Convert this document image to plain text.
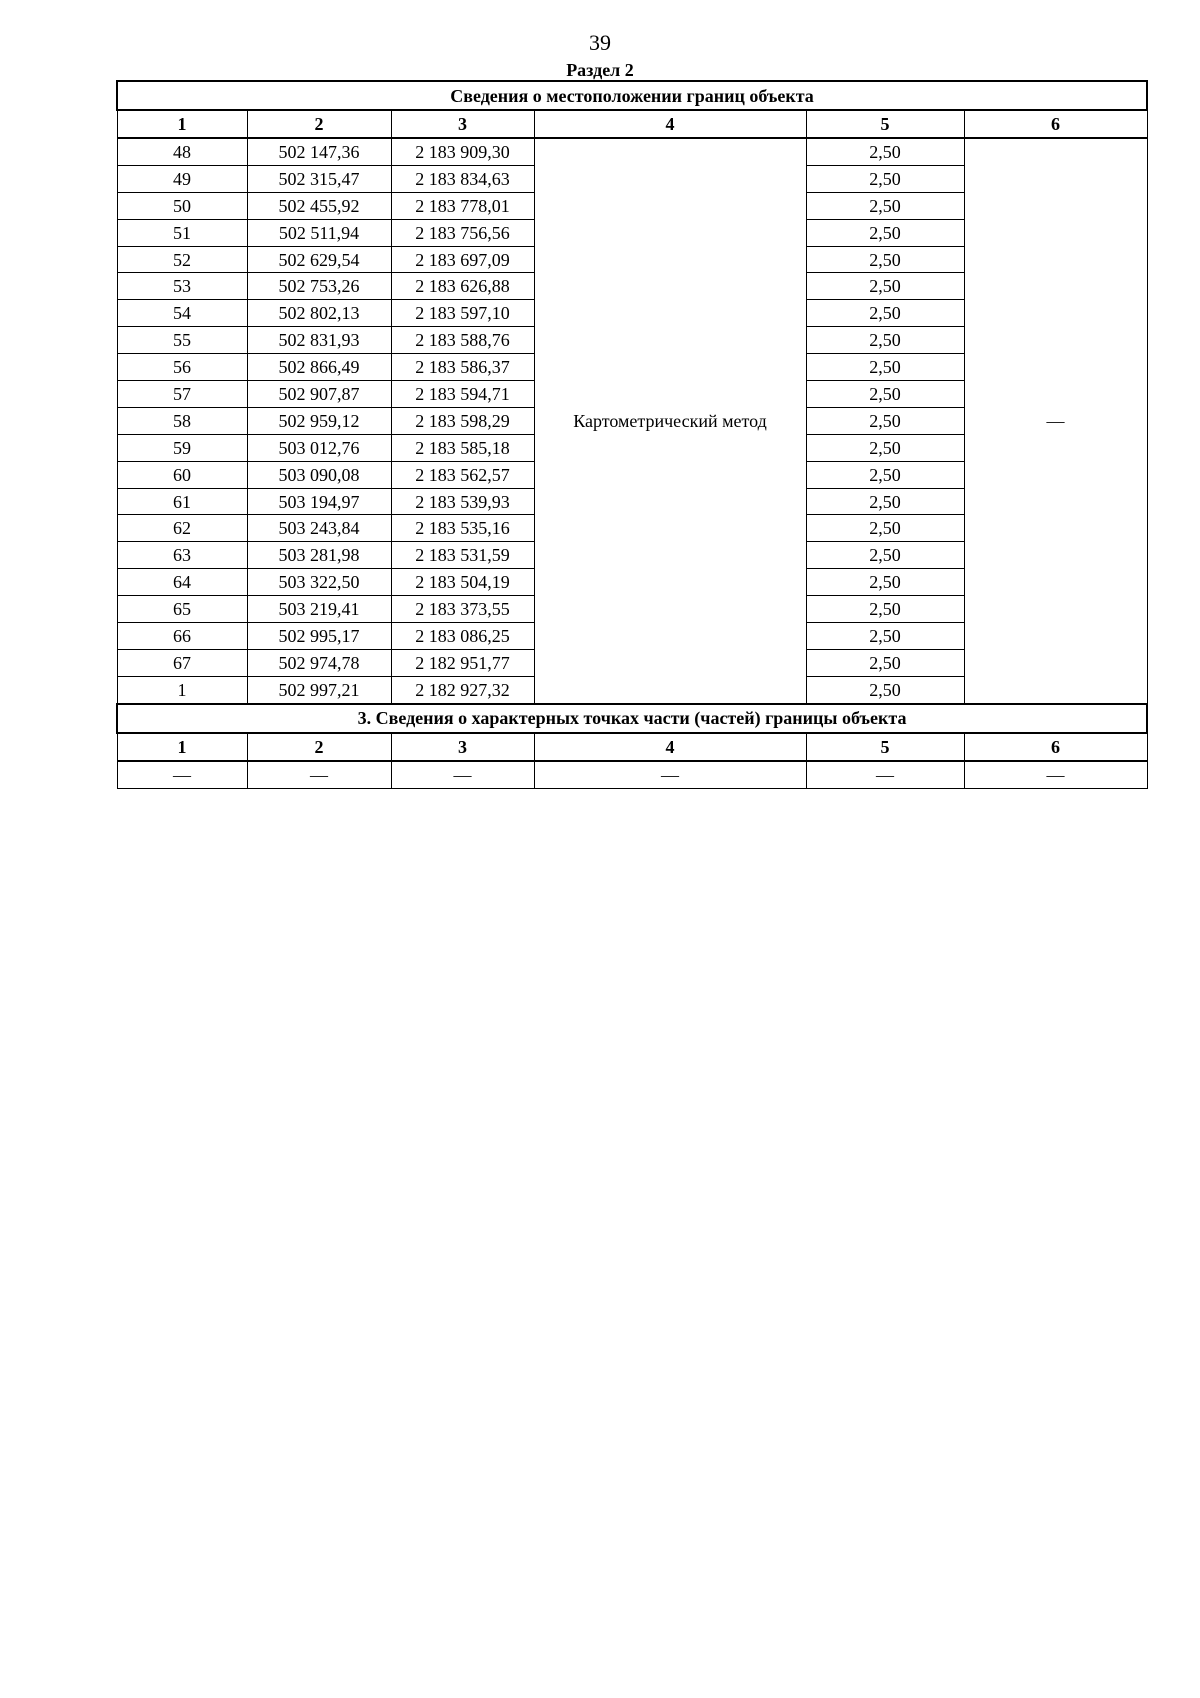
39
Раздел 2
Сведения о местоположении границ объекта					
1	2	3	4	5	6
48	502 147,36	2 183 909,30	Картометрический метод	2,50	—
49	502 315,47	2 183 834,63		2,50	
50	502 455,92	2 183 778,01		2,50	
51	502 511,94	2 183 756,56		2,50	
52	502 629,54	2 183 697,09		2,50	
53	502 753,26	2 183 626,88		2,50	
54	502 802,13	2 183 597,10		2,50	
55	502 831,93	2 183 588,76		2,50	
56	502 866,49	2 183 586,37		2,50	
57	502 907,87	2 183 594,71		2,50	
58	502 959,12	2 183 598,29		2,50	
59	503 012,76	2 183 585,18		2,50	
60	503 090,08	2 183 562,57		2,50	
61	503 194,97	2 183 539,93		2,50	
62	503 243,84	2 183 535,16		2,50	
63	503 281,98	2 183 531,59		2,50	
64	503 322,50	2 183 504,19		2,50	
65	503 219,41	2 183 373,55		2,50	
66	502 995,17	2 183 086,25		2,50	
67	502 974,78	2 182 951,77		2,50	
1	502 997,21	2 182 927,32		2,50	
3. Сведения о характерных точках части (частей) границы объекта					
1	2	3	4	5	6
—	—	—	—	—	—
